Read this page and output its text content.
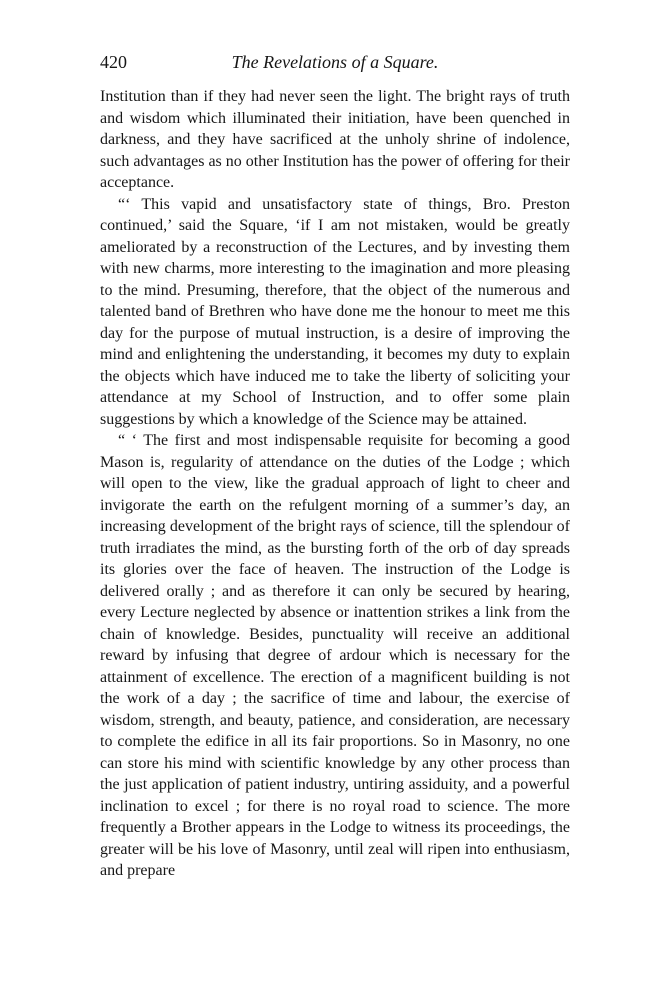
420	The Revelations of a Square.

Institution than if they had never seen the light. The bright rays of truth and wisdom which illuminated their initiation, have been quenched in darkness, and they have sacrificed at the unholy shrine of indolence, such advantages as no other Institution has the power of offering for their acceptance.

“‘ This vapid and unsatisfactory state of things, Bro. Preston continued,’ said the Square, ‘if I am not mistaken, would be greatly ameliorated by a reconstruction of the Lectures, and by investing them with new charms, more interesting to the imagination and more pleasing to the mind. Presuming, therefore, that the object of the numerous and talented band of Brethren who have done me the honour to meet me this day for the purpose of mutual instruction, is a desire of improving the mind and enlightening the understanding, it becomes my duty to explain the objects which have induced me to take the liberty of soliciting your attendance at my School of Instruction, and to offer some plain suggestions by which a knowledge of the Science may be attained.

“ ‘ The first and most indispensable requisite for becoming a good Mason is, regularity of attendance on the duties of the Lodge ; which will open to the view, like the gradual approach of light to cheer and invigorate the earth on the refulgent morning of a summer’s day, an increasing development of the bright rays of science, till the splendour of truth irradiates the mind, as the bursting forth of the orb of day spreads its glories over the face of heaven. The instruction of the Lodge is delivered orally ; and as therefore it can only be secured by hearing, every Lecture neglected by absence or inattention strikes a link from the chain of knowledge. Besides, punctuality will receive an additional reward by infusing that degree of ardour which is necessary for the attainment of excellence. The erection of a magnificent building is not the work of a day ; the sacrifice of time and labour, the exercise of wisdom, strength, and beauty, patience, and consideration, are necessary to complete the edifice in all its fair proportions. So in Masonry, no one can store his mind with scientific knowledge by any other process than the just application of patient industry, untiring assiduity, and a powerful inclination to excel ; for there is no royal road to science. The more frequently a Brother appears in the Lodge to witness its proceedings, the greater will be his love of Masonry, until zeal will ripen into enthusiasm, and prepare
